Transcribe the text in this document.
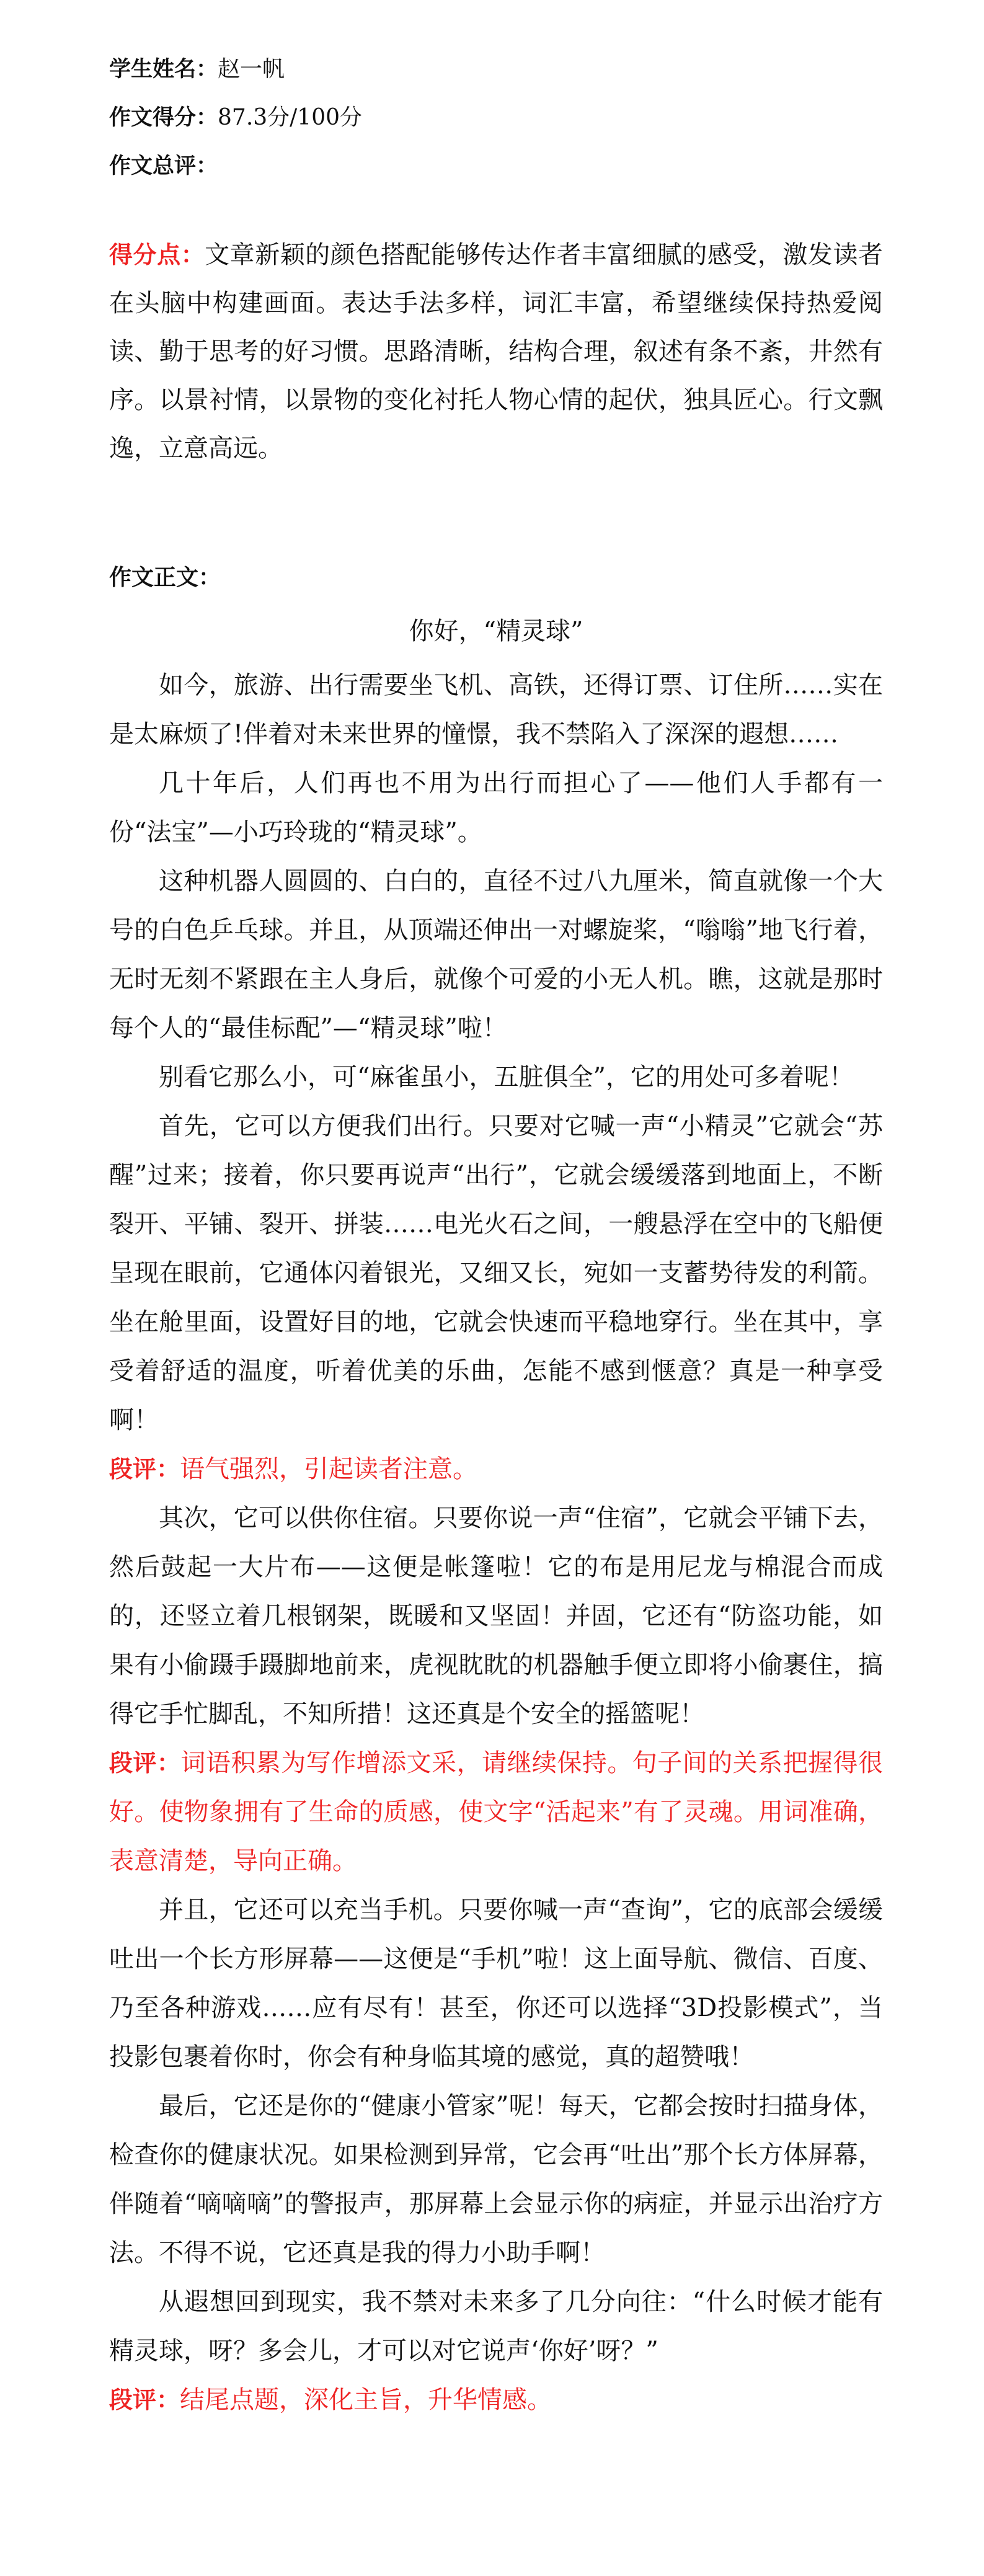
学生姓名：赵一帆
作文得分：87.3分/100分
作文总评：
得分点：文章新颖的颜色搭配能够传达作者丰富细腻的感受，激发读者在头脑中构建画面。表达手法多样，词汇丰富，希望继续保持热爱阅读、勤于思考的好习惯。思路清晰，结构合理，叙述有条不紊，井然有序。以景衬情，以景物的变化衬托人物心情的起伏，独具匠心。行文飘逸，立意高远。
作文正文：
你好，“精灵球”

如今，旅游、出行需要坐飞机、高铁，还得订票、订住所……实在是太麻烦了!伴着对未来世界的憧憬，我不禁陷入了深深的遐想……

几十年后，人们再也不用为出行而担心了——他们人手都有一份“法宝”—小巧玲珑的“精灵球”。

这种机器人圆圆的、白白的，直径不过八九厘米，简直就像一个大号的白色乒乓球。并且，从顶端还伸出一对螺旋桨，“嗡嗡”地飞行着，无时无刻不紧跟在主人身后，就像个可爱的小无人机。瞧，这就是那时每个人的“最佳标配”—“精灵球”啦！

别看它那么小，可“麻雀虽小，五脏俱全”，它的用处可多着呢！

首先，它可以方便我们出行。只要对它喊一声“小精灵”它就会“苏醒”过来；接着，你只要再说声“出行”，它就会缓缓落到地面上，不断裂开、平铺、裂开、拼装……电光火石之间，一艘悬浮在空中的飞船便呈现在眼前，它通体闪着银光，又细又长，宛如一支蓄势待发的利箭。坐在舱里面，设置好目的地，它就会快速而平稳地穿行。坐在其中，享受着舒适的温度，听着优美的乐曲，怎能不感到惬意？真是一种享受啊！

段评：语气强烈，引起读者注意。

其次，它可以供你住宿。只要你说一声“住宿”，它就会平铺下去，然后鼓起一大片布——这便是帐篷啦！它的布是用尼龙与棉混合而成的，还竖立着几根钢架，既暖和又坚固！并固，它还有“防盗功能，如果有小偷蹑手蹑脚地前来，虎视眈眈的机器触手便立即将小偷裹住，搞得它手忙脚乱，不知所措！这还真是个安全的摇篮呢！

段评：词语积累为写作增添文采，请继续保持。句子间的关系把握得很好。使物象拥有了生命的质感，使文字“活起来”有了灵魂。用词准确，表意清楚，导向正确。

并且，它还可以充当手机。只要你喊一声“查询”，它的底部会缓缓吐出一个长方形屏幕——这便是“手机”啦！这上面导航、微信、百度、乃至各种游戏……应有尽有！甚至，你还可以选择“3D投影模式”，当投影包裹着你时，你会有种身临其境的感觉，真的超赞哦！

最后，它还是你的“健康小管家”呢！每天，它都会按时扫描身体，检查你的健康状况。如果检测到异常，它会再“吐出”那个长方体屏幕，伴随着“嘀嘀嘀”的警报声，那屏幕上会显示你的病症，并显示出治疗方法。不得不说，它还真是我的得力小助手啊！

从遐想回到现实，我不禁对未来多了几分向往：“什么时候才能有精灵球，呀？多会儿，才可以对它说声‘你好’呀？”

段评：结尾点题，深化主旨，升华情感。
